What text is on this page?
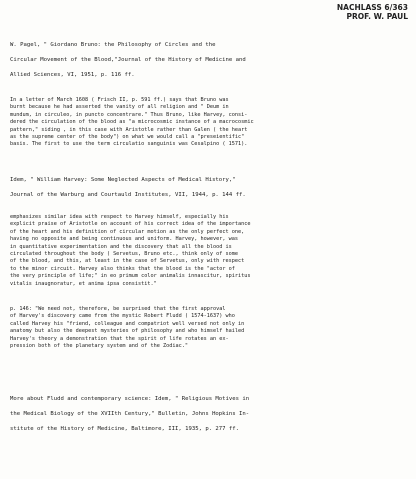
NACHLASS 6/363
PROF. W. PAUL
W. Pagel, " Giordano Bruno: the Philosophy of Circles and the
Circular Movement of the Blood,"Journal of the History of Medicine and
Allied Sciences, VI, 1951, p. 116 ff.
In a letter of March 1608 ( Frisch II, p. 591 ff.) says that Bruno was
burnt because he had asserted the vanity of all religion and " Deum in
mundum, in circuleo, in puncto concentrare." Thus Bruno, like Harvey, consi-
dered the circulation of the blood as "a microcosmic instance of a macrocosmic
pattern," siding , in this case with Aristotle rather than Galen ( the heart
as the supreme center of the body") on what we would call a "preseientific"
basis. The first to use the term circulatio sanguinis was Cesalpino ( 1571).
Idem, " William Harvey: Some Neglected Aspects of Medical History,"
Journal of the Warburg and Courtauld Institutes, VII, 1944, p. 144 ff.
emphasizes similar idea with respect to Harvey himself, especially his
explicit praise of Aristotle on account of his correct idea of the importance
of the heart and his definition of circular motion as the only perfect one,
having no opposite and being continuous and uniform. Harvey, however, was
in quantitative experimentation and the discovery that all the blood is
circulated throughout the body ( Servetus, Bruno etc., think only of some
of the blood, and this, at least in the case of Servetus, only with respect
to the minor circuit. Harvey also thinks that the blood is the "actor of
the very principle of life;" in eo primum color animalis innascitur, spiritus
vitalis inaugnoratur, et anima ipsa consistit."
p. 146: "We need not, therefore, be surprised that the first approval
of Harvey's discovery came from the mystic Robert Fludd ( 1574-1637) who
called Harvey his "friend, colleague and compatriot well versed not only in
anatomy but also the deepest mysteries of philosophy and who himself hailed
Harvey's theory a demonstration that the spirit of life rotates an ex-
pression both of the planetary system and of the Zodiac."
More about Fludd and contemporary science: Idem, " Religious Motives in
the Medical Biology of the XVIIth Century," Bulletin, Johns Hopkins In-
stitute of the History of Medicine, Baltimore, III, 1935, p. 277 ff.
